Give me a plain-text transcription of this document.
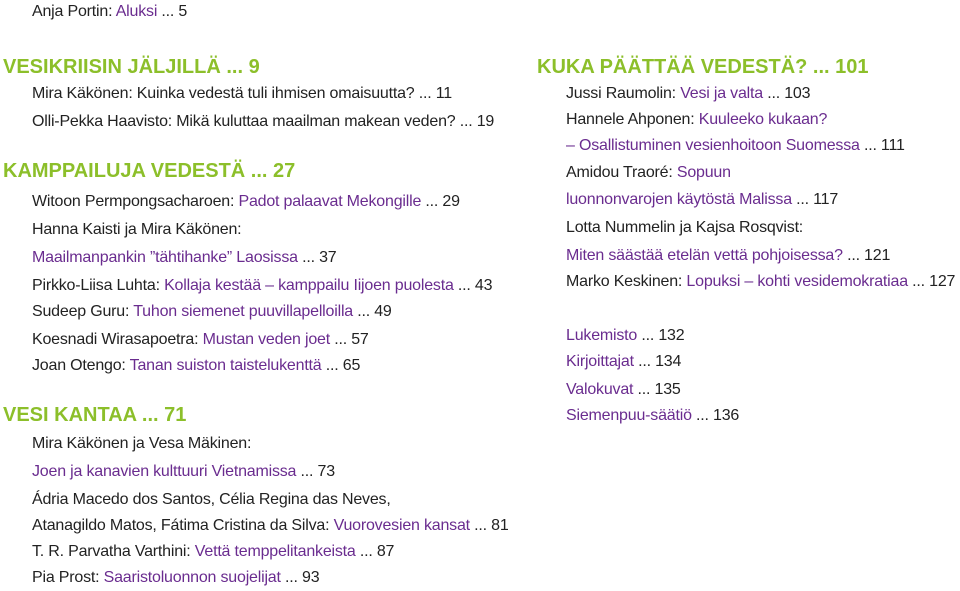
Anja Portin: Aluksi ... 5
VESIKRIISIN JÄLJILLÄ ... 9
Mira Käkönen: Kuinka vedestä tuli ihmisen omaisuutta? ... 11
Olli-Pekka Haavisto: Mikä kuluttaa maailman makean veden? ... 19
KAMPPAILUJA VEDESTÄ ... 27
Witoon Permpongsacharoen: Padot palaavat Mekongille ... 29
Hanna Kaisti ja Mira Käkönen:
Maailmanpankin ”tähtihanke” Laosissa ... 37
Pirkko-Liisa Luhta: Kollaja kestää – kamppailu Iijoen puolesta ... 43
Sudeep Guru: Tuhon siemenet puuvillapelloilla ... 49
Koesnadi Wirasapoetra: Mustan veden joet ... 57
Joan Otengo: Tanan suiston taistelukenttä ... 65
VESI KANTAA ... 71
Mira Käkönen ja Vesa Mäkinen:
Joen ja kanavien kulttuuri Vietnamissa ... 73
Ádria Macedo dos Santos, Célia Regina das Neves,
Atanagildo Matos, Fátima Cristina da Silva: Vuorovesien kansat ... 81
T. R. Parvatha Varthini: Vettä temppelitankeista ... 87
Pia Prost: Saaristoluonnon suojelijat ... 93
KUKA PÄÄTTÄÄ VEDESTÄ? ... 101
Jussi Raumolin: Vesi ja valta ... 103
Hannele Ahponen: Kuuleeko kukaan?
– Osallistuminen vesienhoitoon Suomessa ... 111
Amidou Traoré: Sopuun
luonnonvarojen käytöstä Malissa ... 117
Lotta Nummelin ja Kajsa Rosqvist:
Miten säästää etelän vettä pohjoisessa? ... 121
Marko Keskinen: Lopuksi – kohti vesidemokratiaa ... 127
Lukemisto ... 132
Kirjoittajat ... 134
Valokuvat ... 135
Siemenpuu-säätiö ... 136
